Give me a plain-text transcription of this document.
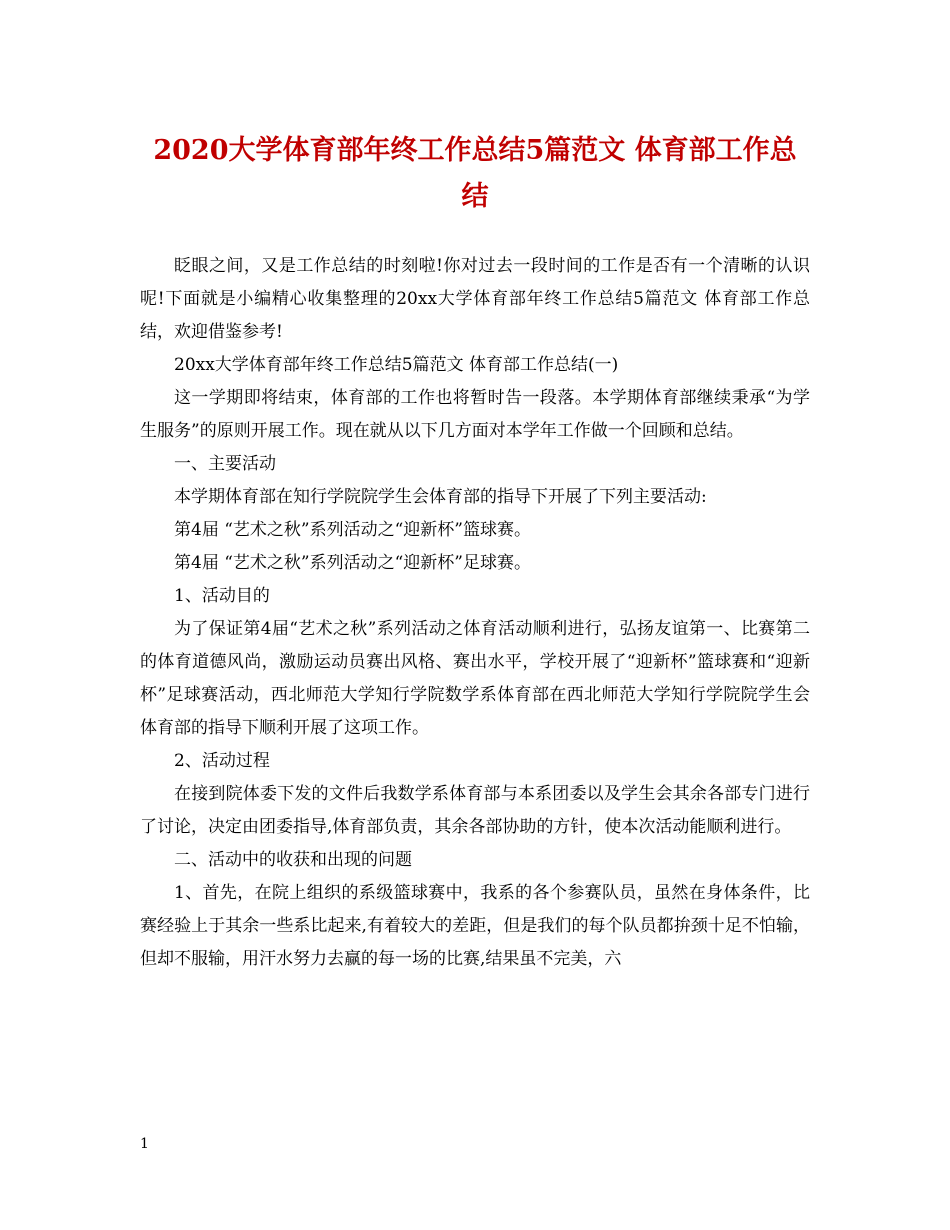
2020大学体育部年终工作总结5篇范文 体育部工作总结

眨眼之间，又是工作总结的时刻啦!你对过去一段时间的工作是否有一个清晰的认识呢!下面就是小编精心收集整理的20xx大学体育部年终工作总结5篇范文 体育部工作总结，欢迎借鉴参考!

20xx大学体育部年终工作总结5篇范文 体育部工作总结(一)

这一学期即将结束，体育部的工作也将暂时告一段落。本学期体育部继续秉承“为学生服务”的原则开展工作。现在就从以下几方面对本学年工作做一个回顾和总结。

一、主要活动

本学期体育部在知行学院院学生会体育部的指导下开展了下列主要活动:

第4届 “艺术之秋”系列活动之“迎新杯”篮球赛。

第4届 “艺术之秋”系列活动之“迎新杯”足球赛。

1、活动目的

为了保证第4届“艺术之秋”系列活动之体育活动顺利进行，弘扬友谊第一、比赛第二的体育道德风尚，激励运动员赛出风格、赛出水平，学校开展了“迎新杯”篮球赛和“迎新杯”足球赛活动，西北师范大学知行学院数学系体育部在西北师范大学知行学院院学生会体育部的指导下顺利开展了这项工作。

2、活动过程

在接到院体委下发的文件后我数学系体育部与本系团委以及学生会其余各部专门进行了讨论，决定由团委指导,体育部负责，其余各部协助的方针，使本次活动能顺利进行。

二、活动中的收获和出现的问题

1、首先，在院上组织的系级篮球赛中，我系的各个参赛队员，虽然在身体条件，比赛经验上于其余一些系比起来,有着较大的差距，但是我们的每个队员都拚颈十足不怕输，但却不服输，用汗水努力去赢的每一场的比赛,结果虽不完美，六

1
